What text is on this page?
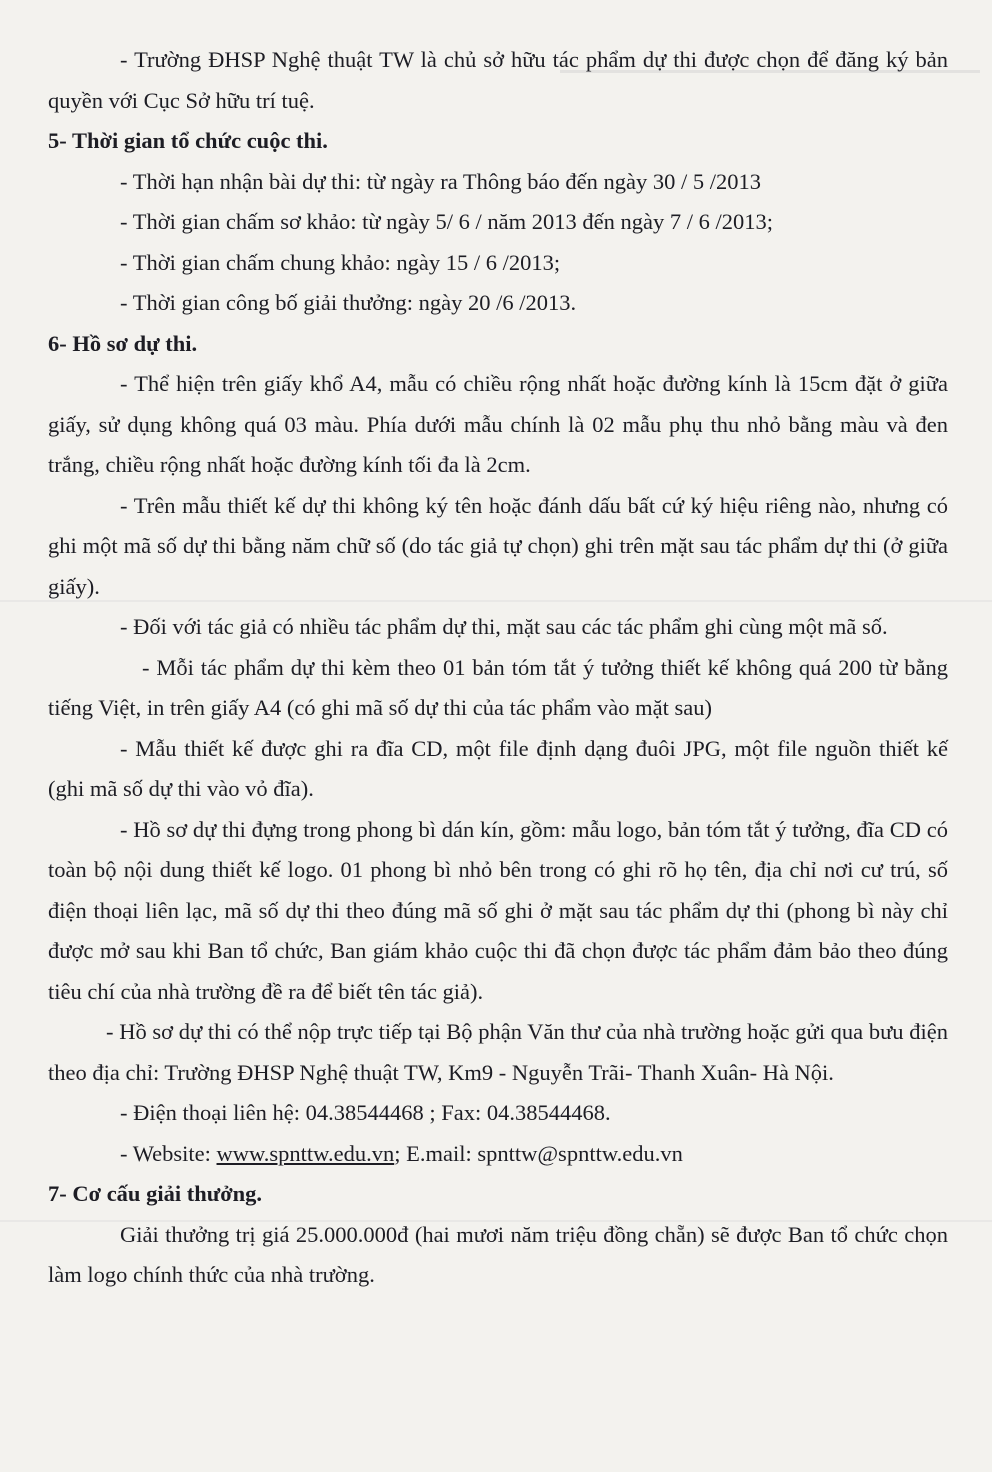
- Trường ĐHSP Nghệ thuật TW là chủ sở hữu tác phẩm dự thi được chọn để đăng ký bản quyền với Cục Sở hữu trí tuệ.

5- Thời gian tổ chức cuộc thi.

- Thời hạn nhận bài dự thi: từ ngày ra Thông báo đến ngày 30 / 5 /2013

- Thời gian chấm sơ khảo: từ ngày 5/ 6 / năm 2013 đến ngày 7 / 6 /2013;

- Thời gian chấm chung khảo: ngày 15 / 6 /2013;

- Thời gian công bố giải thưởng: ngày 20 /6 /2013.

6- Hồ sơ dự thi.

- Thể hiện trên giấy khổ A4, mẫu có chiều rộng nhất hoặc đường kính là 15cm đặt ở giữa giấy, sử dụng không quá 03 màu. Phía dưới mẫu chính là 02 mẫu phụ thu nhỏ bằng màu và đen trắng, chiều rộng nhất hoặc đường kính tối đa là 2cm.

- Trên mẫu thiết kế dự thi không ký tên hoặc đánh dấu bất cứ ký hiệu riêng nào, nhưng có ghi một mã số dự thi bằng năm chữ số (do tác giả tự chọn) ghi trên mặt sau tác phẩm dự thi (ở giữa giấy).

- Đối với tác giả có nhiều tác phẩm dự thi, mặt sau các tác phẩm ghi cùng một mã số.

- Mỗi tác phẩm dự thi kèm theo 01 bản tóm tắt ý tưởng thiết kế không quá 200 từ bằng tiếng Việt, in trên giấy A4 (có ghi mã số dự thi của tác phẩm vào mặt sau)

- Mẫu thiết kế được ghi ra đĩa CD, một file định dạng đuôi JPG, một file nguồn thiết kế (ghi mã số dự thi vào vỏ đĩa).

- Hồ sơ dự thi đựng trong phong bì dán kín, gồm: mẫu logo, bản tóm tắt ý tưởng, đĩa CD có toàn bộ nội dung thiết kế logo. 01 phong bì nhỏ bên trong có ghi rõ họ tên, địa chỉ nơi cư trú, số điện thoại liên lạc, mã số dự thi theo đúng mã số ghi ở mặt sau tác phẩm dự thi (phong bì này chỉ được mở sau khi Ban tổ chức, Ban giám khảo cuộc thi đã chọn được tác phẩm đảm bảo theo đúng tiêu chí của nhà trường đề ra để biết tên tác giả).

- Hồ sơ dự thi có thể nộp trực tiếp tại Bộ phận Văn thư của nhà trường hoặc gửi qua bưu điện theo địa chỉ: Trường ĐHSP Nghệ thuật TW, Km9 - Nguyễn Trãi- Thanh Xuân- Hà Nội.

- Điện thoại liên hệ: 04.38544468 ; Fax: 04.38544468.

- Website: www.spnttw.edu.vn; E.mail: spnttw@spnttw.edu.vn

7- Cơ cấu giải thưởng.

Giải thưởng trị giá 25.000.000đ (hai mươi năm triệu đồng chẵn) sẽ được Ban tổ chức chọn làm logo chính thức của nhà trường.
